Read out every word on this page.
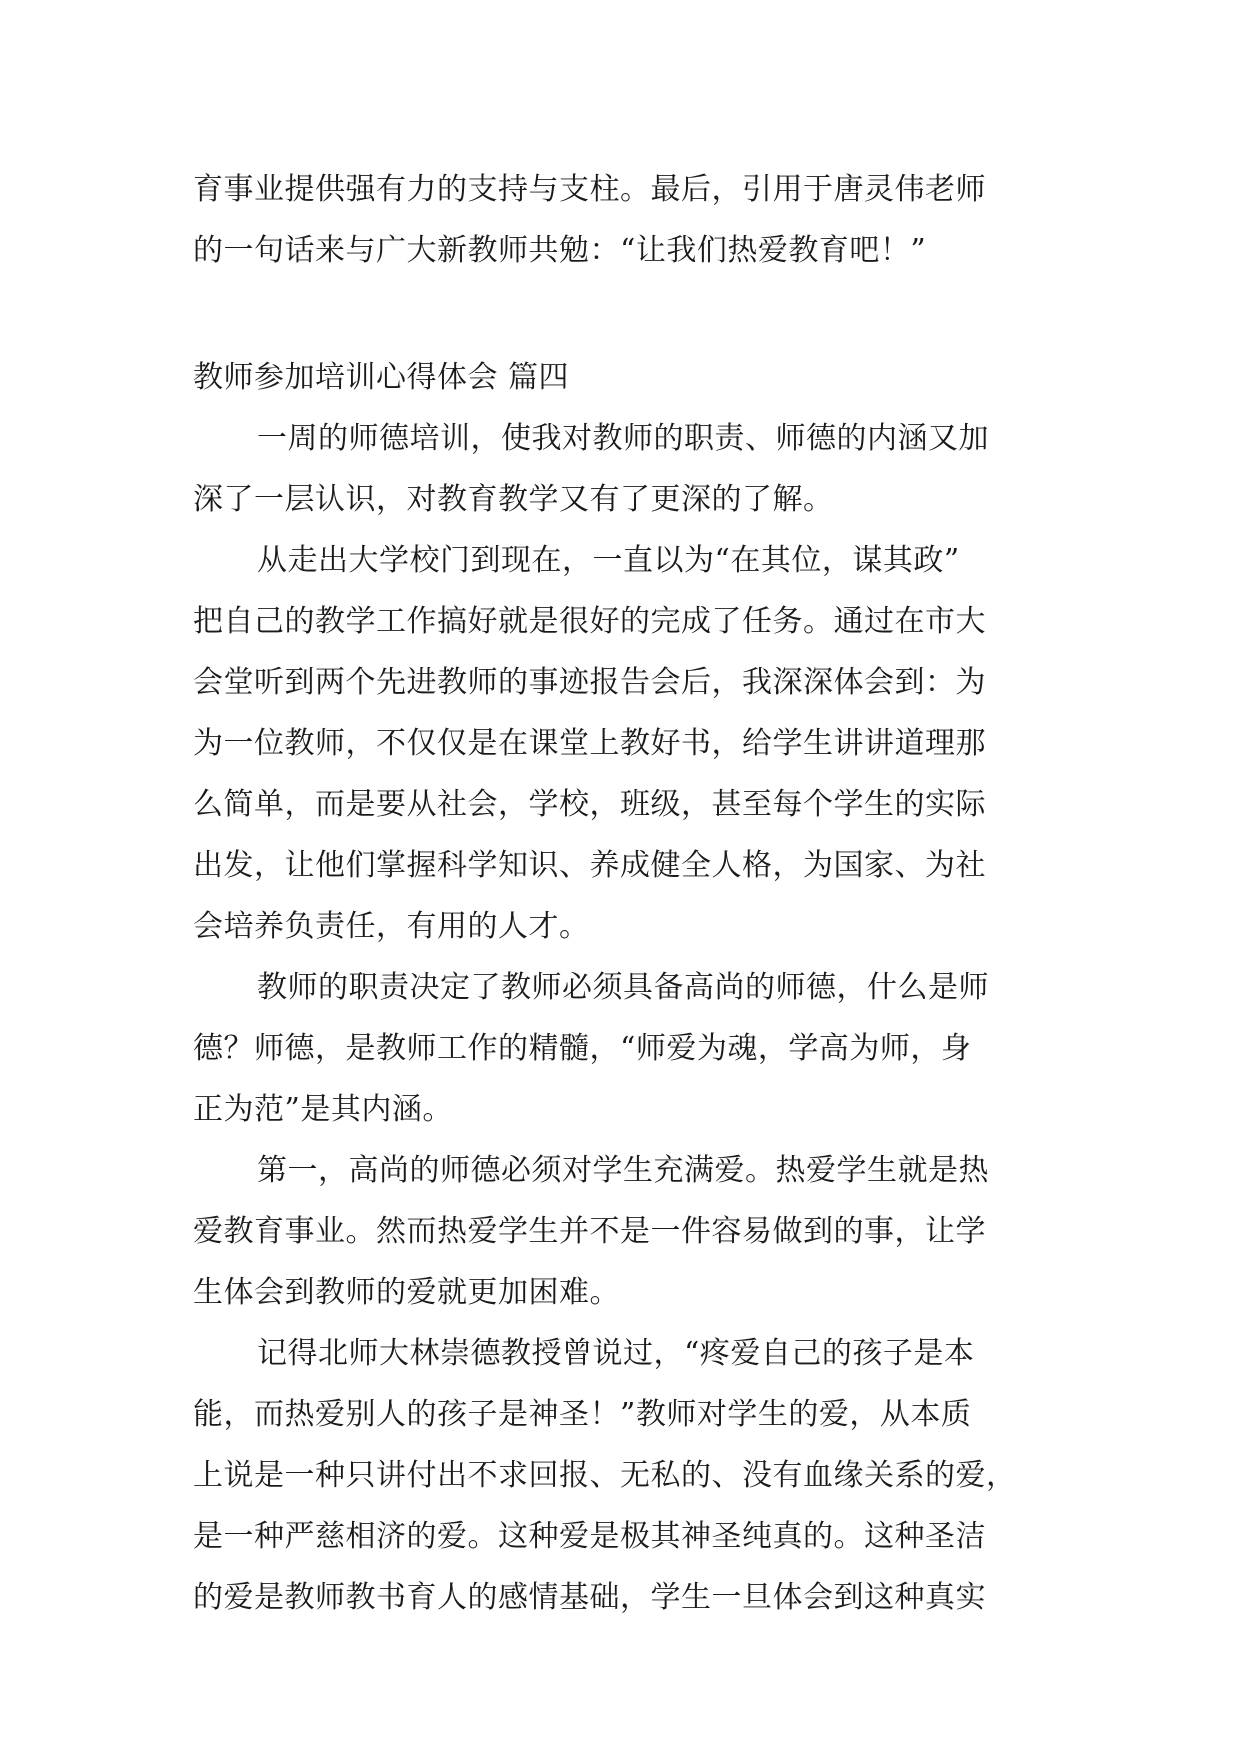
育事业提供强有力的支持与支柱。最后，引用于唐灵伟老师
的一句话来与广大新教师共勉：“让我们热爱教育吧！”
教师参加培训心得体会 篇四
一周的师德培训，使我对教师的职责、师德的内涵又加
深了一层认识，对教育教学又有了更深的了解。
从走出大学校门到现在，一直以为“在其位，谋其政”
把自己的教学工作搞好就是很好的完成了任务。通过在市大
会堂听到两个先进教师的事迹报告会后，我深深体会到：为
为一位教师，不仅仅是在课堂上教好书，给学生讲讲道理那
么简单，而是要从社会，学校，班级，甚至每个学生的实际
出发，让他们掌握科学知识、养成健全人格，为国家、为社
会培养负责任，有用的人才。
教师的职责决定了教师必须具备高尚的师德，什么是师
德？师德，是教师工作的精髓，“师爱为魂，学高为师，身
正为范”是其内涵。
第一，高尚的师德必须对学生充满爱。热爱学生就是热
爱教育事业。然而热爱学生并不是一件容易做到的事，让学
生体会到教师的爱就更加困难。
记得北师大林崇德教授曾说过，“疼爱自己的孩子是本
能，而热爱别人的孩子是神圣！”教师对学生的爱，从本质
上说是一种只讲付出不求回报、无私的、没有血缘关系的爱，
是一种严慈相济的爱。这种爱是极其神圣纯真的。这种圣洁
的爱是教师教书育人的感情基础，学生一旦体会到这种真实
